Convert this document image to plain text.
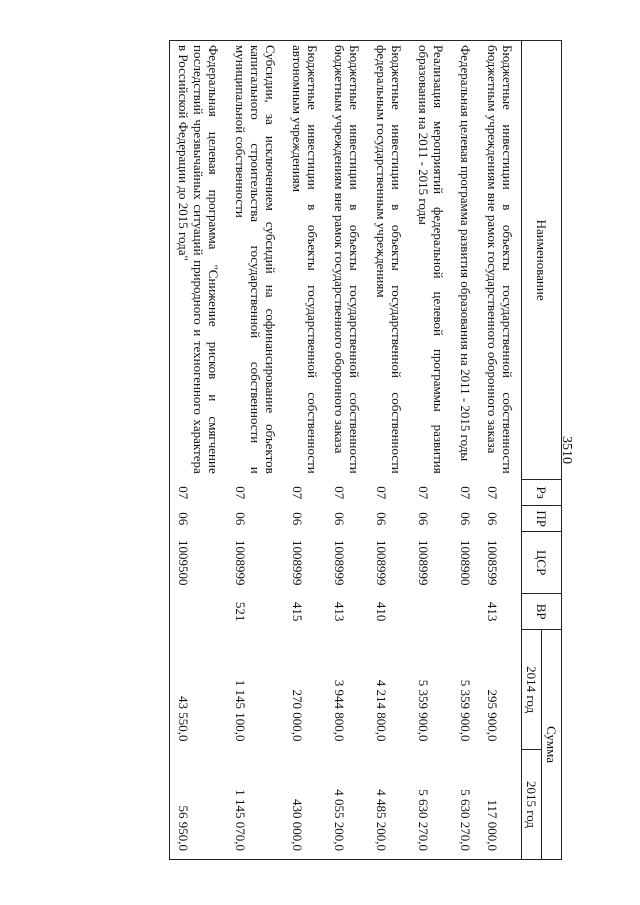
3510
Наименование	Рз	ПР	ЦСР	ВР	Сумма	
					2014 год	2015 год
Бюджетные инвестиции в объекты государственной собственности бюджетным учреждениям вне рамок государственного оборонного заказа	07	06	1008599	413	295 900,0	117 000,0
Федеральная целевая программа развития образования на 2011 - 2015 годы	07	06	1008900		5 359 900,0	5 630 270,0
Реализация мероприятий федеральной целевой программы развития образования на 2011 - 2015 годы	07	06	1008999		5 359 900,0	5 630 270,0
Бюджетные инвестиции в объекты государственной собственности федеральным государственным учреждениям	07	06	1008999	410	4 214 800,0	4 485 200,0
Бюджетные инвестиции в объекты государственной собственности бюджетным учреждениям вне рамок государственного оборонного заказа	07	06	1008999	413	3 944 800,0	4 055 200,0
Бюджетные инвестиции в объекты государственной собственности автономным учреждениям	07	06	1008999	415	270 000,0	430 000,0
Субсидии, за исключением субсидий на софинансирование объектов капитального строительства государственной собственности и муниципальной собственности	07	06	1008999	521	1 145 100,0	1 145 070,0
Федеральная целевая программа "Снижение рисков и смягчение последствий чрезвычайных ситуаций природного и техногенного характера в Российской Федерации до 2015 года"	07	06	1009500		43 550,0	56 950,0
